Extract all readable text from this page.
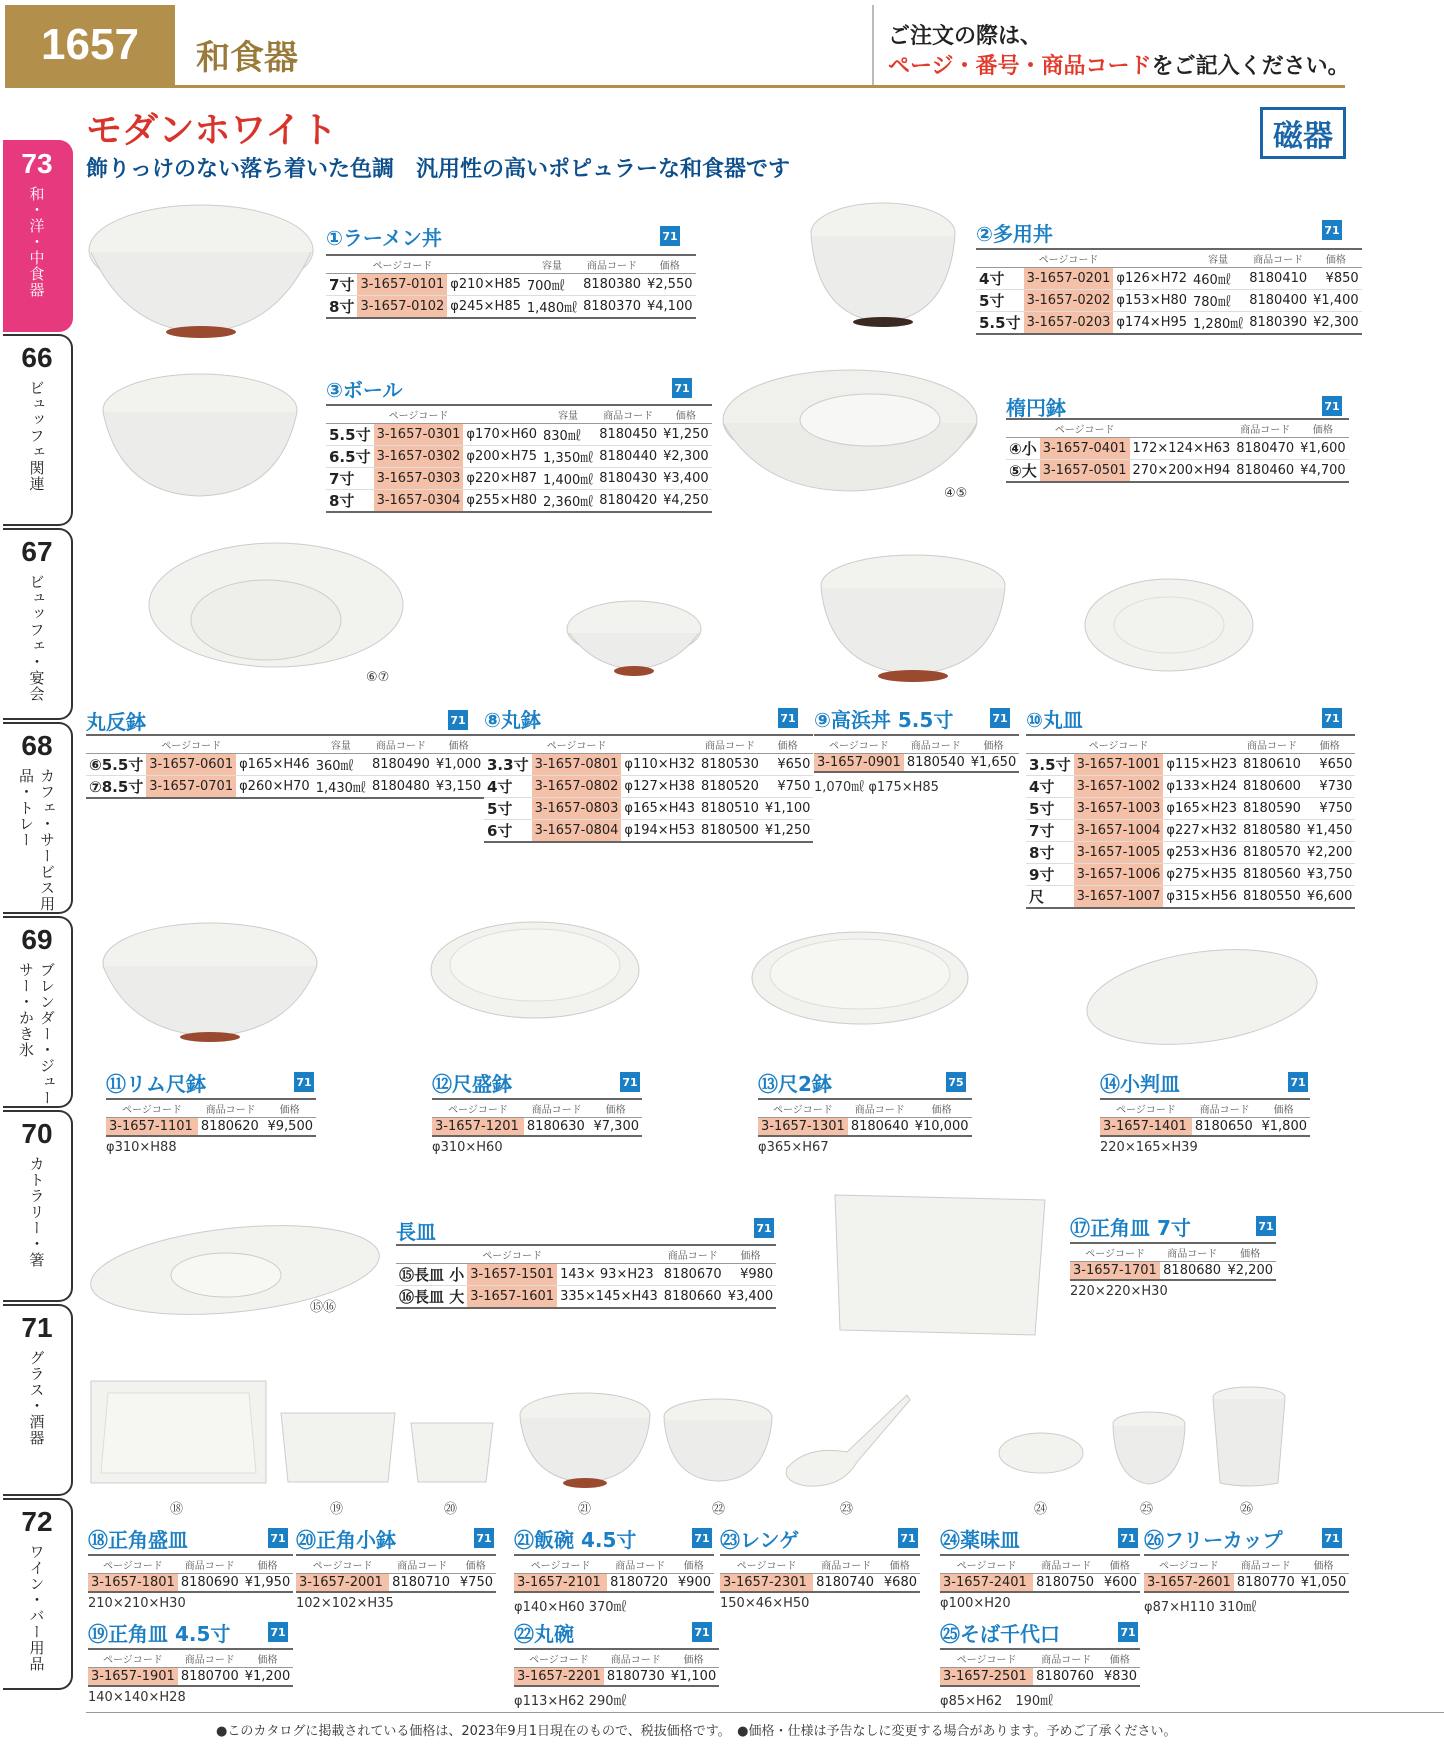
1657	和食器
ご注文の際は、
ページ・番号・商品コードをご記入ください。
モダンホワイト
飾りっけのない落ち着いた色調　汎用性の高いポピュラーな和食器です
磁器
73
和・洋・中食器
66
ビュッフェ関連
67
ビュッフェ・宴会
68
カフェ・サービス用品・トレー
69
ブレンダー・ジューサー・かき氷
70
カトラリー・箸
71
グラス・酒器
72
ワイン・バー用品
①ラーメン丼	71
	ページコード		容量	商品コード	価格
7寸	3-1657-0101	φ210×H85	700㎖	8180380	¥2,550
8寸	3-1657-0102	φ245×H85	1,480㎖	8180370	¥4,100
②多用丼	71
	ページコード		容量	商品コード	価格
4寸	3-1657-0201	φ126×H72	460㎖	8180410	¥850
5寸	3-1657-0202	φ153×H80	780㎖	8180400	¥1,400
5.5寸	3-1657-0203	φ174×H95	1,280㎖	8180390	¥2,300
③ボール	71
	ページコード		容量	商品コード	価格
5.5寸	3-1657-0301	φ170×H60	830㎖	8180450	¥1,250
6.5寸	3-1657-0302	φ200×H75	1,350㎖	8180440	¥2,300
7寸	3-1657-0303	φ220×H87	1,400㎖	8180430	¥3,400
8寸	3-1657-0304	φ255×H80	2,360㎖	8180420	¥4,250
楕円鉢	71
④⑤
	ページコード		商品コード	価格
④小	3-1657-0401	172×124×H63	8180470	¥1,600
⑤大	3-1657-0501	270×200×H94	8180460	¥4,700
⑥⑦
丸反鉢	71
	ページコード		容量	商品コード	価格
⑥5.5寸	3-1657-0601	φ165×H46	360㎖	8180490	¥1,000
⑦8.5寸	3-1657-0701	φ260×H70	1,430㎖	8180480	¥3,150
⑧丸鉢	71
	ページコード		商品コード	価格
3.3寸	3-1657-0801	φ110×H32	8180530	¥650
4寸	3-1657-0802	φ127×H38	8180520	¥750
5寸	3-1657-0803	φ165×H43	8180510	¥1,100
6寸	3-1657-0804	φ194×H53	8180500	¥1,250
⑨高浜丼 5.5寸	71
ページコード	商品コード	価格
3-1657-0901	8180540	¥1,650
1,070㎖ φ175×H85
⑩丸皿	71
	ページコード		商品コード	価格
3.5寸	3-1657-1001	φ115×H23	8180610	¥650
4寸	3-1657-1002	φ133×H24	8180600	¥730
5寸	3-1657-1003	φ165×H23	8180590	¥750
7寸	3-1657-1004	φ227×H32	8180580	¥1,450
8寸	3-1657-1005	φ253×H36	8180570	¥2,200
9寸	3-1657-1006	φ275×H35	8180560	¥3,750
尺	3-1657-1007	φ315×H56	8180550	¥6,600
⑪リム尺鉢	71
ページコード	商品コード	価格
3-1657-1101	8180620	¥9,500
φ310×H88
⑫尺盛鉢	71
ページコード	商品コード	価格
3-1657-1201	8180630	¥7,300
φ310×H60
⑬尺2鉢	75
ページコード	商品コード	価格
3-1657-1301	8180640	¥10,000
φ365×H67
⑭小判皿	71
ページコード	商品コード	価格
3-1657-1401	8180650	¥1,800
220×165×H39
⑮⑯
長皿	71
	ページコード		商品コード	価格
⑮長皿 小	3-1657-1501	143× 93×H23	8180670	¥980
⑯長皿 大	3-1657-1601	335×145×H43	8180660	¥3,400
⑰正角皿 7寸	71
ページコード	商品コード	価格
3-1657-1701	8180680	¥2,200
220×220×H30
⑱	⑲	⑳	㉑	㉒	㉓	㉔	㉕	㉖
⑱正角盛皿	71
ページコード	商品コード	価格
3-1657-1801	8180690	¥1,950
210×210×H30
⑲正角皿 4.5寸	71
ページコード	商品コード	価格
3-1657-1901	8180700	¥1,200
140×140×H28
⑳正角小鉢	71
ページコード	商品コード	価格
3-1657-2001	8180710	¥750
102×102×H35
㉑飯碗 4.5寸	71
ページコード	商品コード	価格
3-1657-2101	8180720	¥900
φ140×H60 370㎖
㉒丸碗	71
ページコード	商品コード	価格
3-1657-2201	8180730	¥1,100
φ113×H62 290㎖
㉓レンゲ	71
ページコード	商品コード	価格
3-1657-2301	8180740	¥680
150×46×H50
㉔薬味皿	71
ページコード	商品コード	価格
3-1657-2401	8180750	¥600
φ100×H20
㉕そば千代口	71
ページコード	商品コード	価格
3-1657-2501	8180760	¥830
φ85×H62　190㎖
㉖フリーカップ	71
ページコード	商品コード	価格
3-1657-2601	8180770	¥1,050
φ87×H110 310㎖
●このカタログに掲載されている価格は、2023年9月1日現在のもので、税抜価格です。　●価格・仕様は予告なしに変更する場合があります。予めご了承ください。
